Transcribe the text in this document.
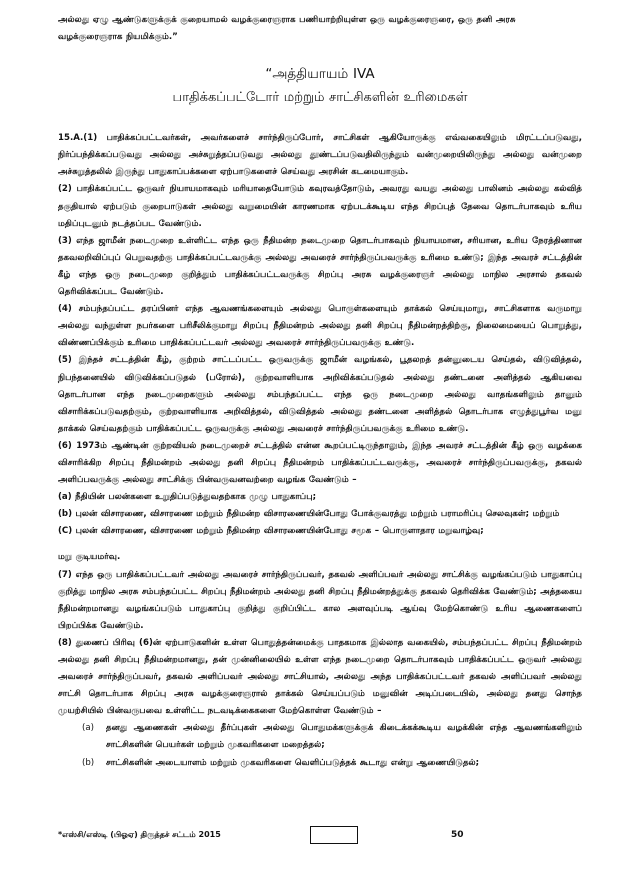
அல்லது ஏழு ஆண்டுகளுக்குக் குறையாமல் வழக்குரைஞராக பணியாற்றியுள்ள ஒரு வழக்குரைஞரை, ஒரு தனி அரசு

வழக்குரைஞராக நியமிக்கும்.”

“அத்தியாயம் IVA
பாதிக்கப்பட்டோர் மற்றும் சாட்சிகளின் உரிமைகள்

15.A.(1) பாதிக்கப்பட்டவர்கள், அவர்களைச் சார்ந்திருப்போர், சாட்சிகள் ஆகியோருக்கு எவ்வகையிலும் மிரட்டப்படுவது, நிர்ப்பந்திக்கப்படுவது அல்லது அச்சுறுத்தப்படுவது அல்லது தூண்டப்படுவதிலிருந்தும் வன்முறையிலிருந்து அல்லது வன்முறை அச்சுறுத்தலில் இருந்து பாதுகாப்பக்களை ஏற்பாடுகளைச் செய்வது அரசின் கடமையாகும்.

(2) பாதிக்கப்பட்ட ஒருவர் நியாயமாகவும் மரியாதையோடும் கவுரவத்தோடும், அவரது வயது அல்லது பாலினம் அல்லது கல்வித் தகுதியால் ஏற்படும் குறைபாடுகள் அல்லது வறுமையின் காரணமாக ஏற்படக்கூடிய எந்த சிறப்புத் தேவை தொடர்பாகவும் உரிய மதிப்புடனும் நடத்தப்பட வேண்டும்.

(3) எந்த ஜாமீன் நடைமுறை உள்ளிட்ட எந்த ஒரு நீதிமன்ற நடைமுறை தொடர்பாகவும் நியாயமான, சரியான, உரிய நேரத்தினான தகவலறிவிப்புப் பெறுவதற்கு பாதிக்கப்பட்டவருக்கு அல்லது அவரைச் சார்ந்திருப்பவருக்கு உரிமை உண்டு; இந்த அவரச் சட்டத்தின் கீழ் எந்த ஒரு நடைமுறை குறித்தும் பாதிக்கப்பட்டவருக்கு சிறப்பு அரசு வழக்குரைஞர் அல்லது மாநில அரசால் தகவல் தெரிவிக்கப்பட வேண்டும்.

(4) சம்பந்தப்பட்ட தரப்பினர் எந்த ஆவணங்களையும் அல்லது பொருள்களையும் தாக்கல் செய்யுமாறு, சாட்சிகளாக வருமாறு அல்லது வந்துள்ள நபர்களை பரிசீலிக்குமாறு சிறப்பு நீதிமன்றம் அல்லது தனி சிறப்பு நீதிமன்றத்திற்கு, நிலைமையைப் பொறுத்து, விண்ணப்பிக்கும் உரிமை பாதிக்கப்பட்டவர் அல்லது அவரைச் சார்ந்திருப்பவருக்கு உண்டு.

(5) இந்தச் சட்டத்தின் கீழ், குற்றம் சாட்டப்பட்ட ஒருவருக்கு ஜாமீன் வழங்கல், பூதலறத் தன்னுடைய செய்தல், விடுவித்தல், நிபந்தனையில் விடுவிக்கப்படுதல் (பரோல்), குற்றவாளியாக அறிவிக்கப்படுதல் அல்லது தண்டனை அளித்தல் ஆகியவை தொடர்பான எந்த நடைமுறைகளும் அல்லது சம்பந்தப்பட்ட எந்த ஒரு நடைமுறை அல்லது வாதங்களிலும் தானும் விசாரிக்கப்படுவதற்கும், குற்றவாளியாக அறிவித்தல், விடுவித்தல் அல்லது தண்டனை அளித்தல் தொடர்பாக எழுத்துபூர்வ மனு தாக்கல் செய்வதற்கும் பாதிக்கப்பட்ட ஒருவருக்கு அல்லது அவரைச் சார்ந்திருப்பவருக்கு உரிமை உண்டு.

(6) 1973ம் ஆண்டின் குற்றவியல் நடைமுறைச் சட்டத்தில் என்ன கூறப்பட்டிருந்தாலும், இந்த அவரச் சட்டத்தின் கீழ் ஒரு வழக்கை விசாரிக்கிற சிறப்பு நீதிமன்றம் அல்லது தனி சிறப்பு நீதிமன்றம் பாதிக்கப்பட்டவருக்கு, அவரைச் சார்ந்திருப்பவருக்கு, தகவல் அளிப்பவருக்கு அல்லது சாட்சிக்கு பின்வருவனவற்றை வழங்க வேண்டும் –

(a) நீதியின் பலன்களை உறுதிப்படுத்துவதற்காக முழு பாதுகாப்பு;

(b) புலன் விசாரணை, விசாரணை மற்றும் நீதிமன்ற விசாரணையின்போது போக்குவரத்து மற்றும் பராமரிப்பு செலவுகள்; மற்றும்

(C) புலன் விசாரணை, விசாரணை மற்றும் நீதிமன்ற விசாரணையின்போது சமூக – பொருளாதார மறுவாழ்வு;

மறு குடியமர்வு.

(7) எந்த ஒரு பாதிக்கப்பட்டவர் அல்லது அவரைச் சார்ந்திருப்பவர், தகவல் அளிப்பவர் அல்லது சாட்சிக்கு வழங்கப்படும் பாதுகாப்பு குறித்து மாநில அரசு சம்பந்தப்பட்ட சிறப்பு நீதிமன்றம் அல்லது தனி சிறப்பு நீதிமன்றத்துக்கு தகவல் தெரிவிக்க வேண்டும்; அத்தகைய நீதிமன்றமானது வழங்கப்படும் பாதுகாப்பு குறித்து குறிப்பிட்ட கால அளவுப்படி ஆய்வு மேற்கொண்டு உரிய ஆணைகளைப் பிறப்பிக்க வேண்டும்.

(8) துணைப் பிரிவு (6)ன் ஏற்பாடுகளின் உள்ள பொதுத்தன்மைக்கு பாதகமாக இல்லாத வகையில், சம்பந்தப்பட்ட சிறப்பு நீதிமன்றம் அல்லது தனி சிறப்பு நீதிமன்றமானது, தன் முன்னிலையில் உள்ள எந்த நடைமுறை தொடர்பாகவும் பாதிக்கப்பட்ட ஒருவர் அல்லது அவரைச் சார்ந்திருப்பவர், தகவல் அளிப்பவர் அல்லது சாட்சியால், அல்லது அந்த பாதிக்கப்பட்டவர் தகவல் அளிப்பவர் அல்லது சாட்சி தொடர்பாக சிறப்பு அரசு வழக்குரைஞரால் தாக்கல் செய்யப்படும் மனுவின் அடிப்படையில், அல்லது தனது சொந்த முயற்சியில் பின்வருபவை உள்ளிட்ட நடவடிக்கைகளை மேற்கொள்ள வேண்டும் –

(a)	தனது ஆணைகள் அல்லது தீர்ப்புகள் அல்லது பொதுமக்களுக்குக் கிடைக்கக்கூடிய வழக்கின் எந்த ஆவணங்களிலும் சாட்சிகளின் பெயர்கள் மற்றும் முகவரிகளை மறைத்தல்;
(b)	சாட்சிகளின் அடையாளம் மற்றும் முகவரிகளை வெளிப்படுத்தக் கூடாது என்று ஆணையிடுதல்;
*எஸ்சி/எஸ்டி (பிஓஏ) திருத்தச் சட்டம் 2015	50
